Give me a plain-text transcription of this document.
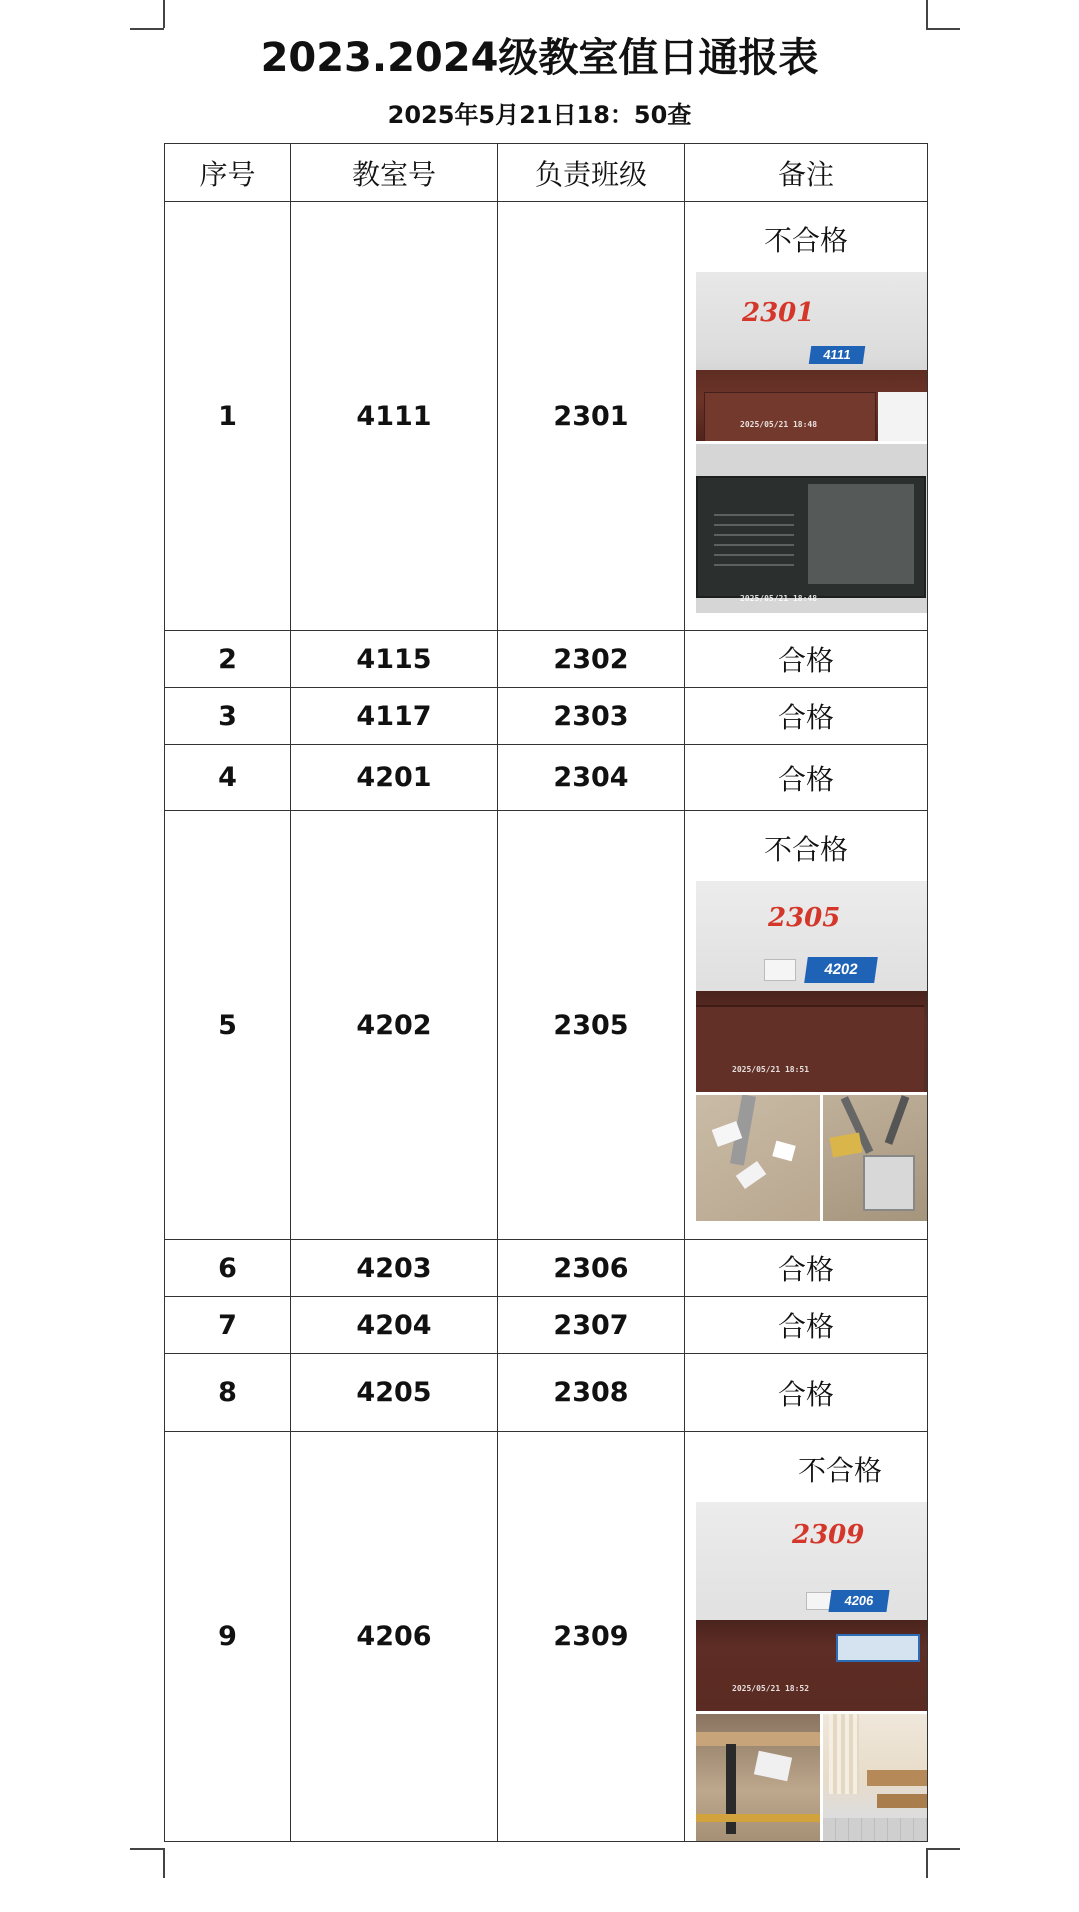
2023.2024级教室值日通报表
2025年5月21日18：50查
序号	教室号	负责班级	备注
1	4111	2301	不合格
2301
4111
2025/05/21 18:48
2025/05/21 18:48

2	4115	2302	合格
3	4117	2303	合格
4	4201	2304	合格
5	4202	2305	不合格
2305
4202
2025/05/21 18:51

6	4203	2306	合格
7	4204	2307	合格
8	4205	2308	合格
9	4206	2309	不合格
2309
4206
2025/05/21 18:52
